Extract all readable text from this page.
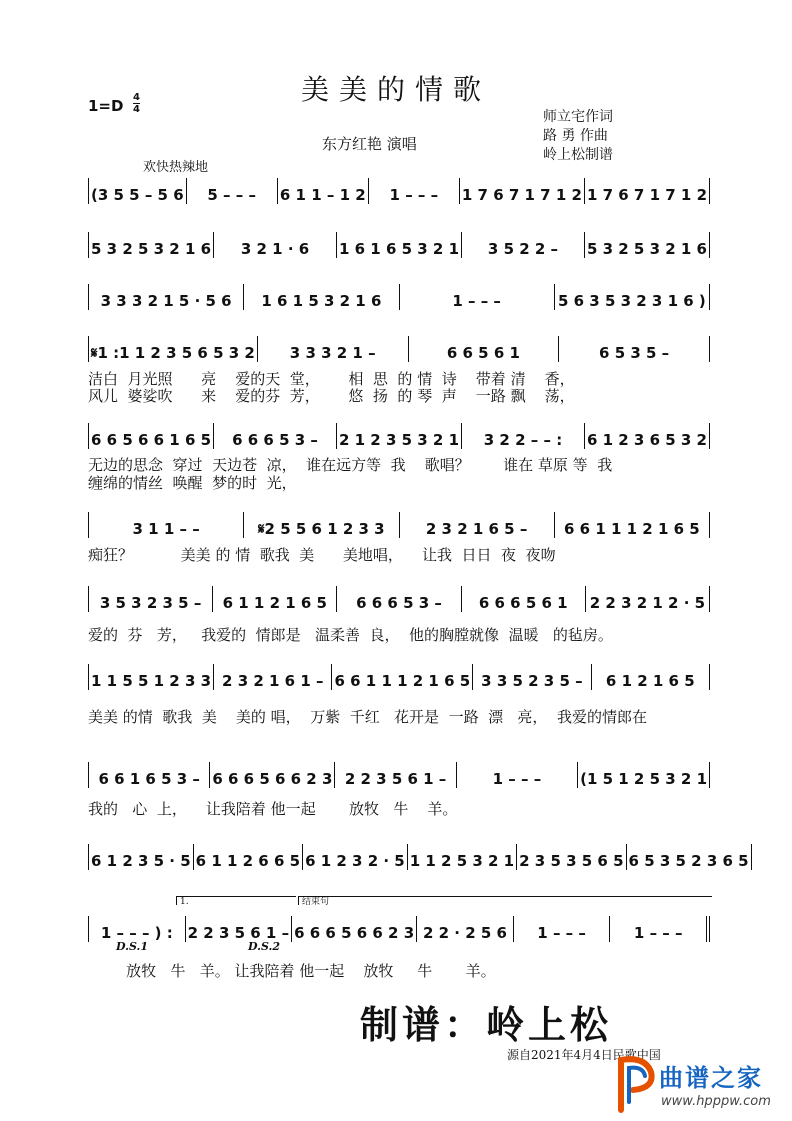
美美的情歌
1=D 4
4
东方红艳 演唱
师立宅作词
路 勇 作曲
岭上松制谱
欢快热辣地
(3 5 5 – 5 6	5 – – –	6 1 1 – 1 2	1 – – –	1 7 6 7 1 7 1 2 1 7 6 7 1 7 1 2
5 3 2 5 3 2 1 6	3 2 1 · 6	1 6 1 6 5 3 2 1	3 5 2 2 –	5 3 2 5 3 2 1 6
3 3 3 2 1 5 · 5 6	1 6 1 5 3 2 1 6	1 – – –	5 6 3 5 3 2 3 1 6 )
𝄋1 :1 1 2 3 5 6 5 3 2	3 3 3 2 1 –	6 6 5 6 1	6 5 3 5 –
6 6 5 6 6 1 6 5	6 6 6 5 3 –	2 1 2 3 5 3 2 1	3 2 2 – – :	6 1 2 3 6 5 3 2
3 1 1 – –	𝄋2 5 5 6 1 2 3 3	2 3 2 1 6 5 –	6 6 1 1 1 2 1 6 5
3 5 3 2 3 5 –	6 1 1 2 1 6 5	6 6 6 5 3 –	6 6 6 5 6 1	2 2 3 2 1 2 · 5
1 1 5 5 1 2 3 3 2 3 2 1 6 1 – 6 6 1 1 1 2 1 6 5 3 3 5 2 3 5 –	6 1 2 1 6 5
6 6 1 6 5 3 – 6 6 6 5 6 6 2 3 2 2 3 5 6 1 –	1 – – –	(1 5 1 2 5 3 2 1
6 1 2 3 5 · 5 6 1 1 2 6 6 5 6 1 2 3 2 · 5 1 1 2 5 3 2 1 2 3 5 3 5 6 5 6 5 3 5 2 3 6 5
1 – – – ) : 2 2 3 5 6 1 – 6 6 6 5 6 6 2 3 2 2 · 2 5 6	1 – – –	1 – – –
洁白  月光照      亮    爱的天  堂，      相  思  的 情  诗    带着 清    香，
风儿  婆娑吹      来    爱的芬  芳，      悠  扬  的 琴  声    一路 飘    荡，
无边的思念  穿过  天边苍  凉，  谁在远方等  我    歌唱？       谁在 草原 等  我
缠绵的情丝  唤醒  梦的时  光，
痴狂？          美美 的 情  歌我  美      美地唱，    让我  日日  夜  夜吻
爱的  芬   芳，   我爱的  情郎是   温柔善  良，  他的胸膛就像  温暖   的毡房。
美美 的情  歌我  美    美的 唱，  万紫  千红   花开是  一路  漂   亮，  我爱的情郎在
我的   心  上，    让我陪着 他一起       放牧   牛    羊。
放牧   牛   羊。 让我陪着 他一起    放牧     牛       羊。
1.	结束句
D.S.1	D.S.2
制谱：岭上松
源自2021年4月4日民歌中国
曲谱之家
www.hpppw.com
